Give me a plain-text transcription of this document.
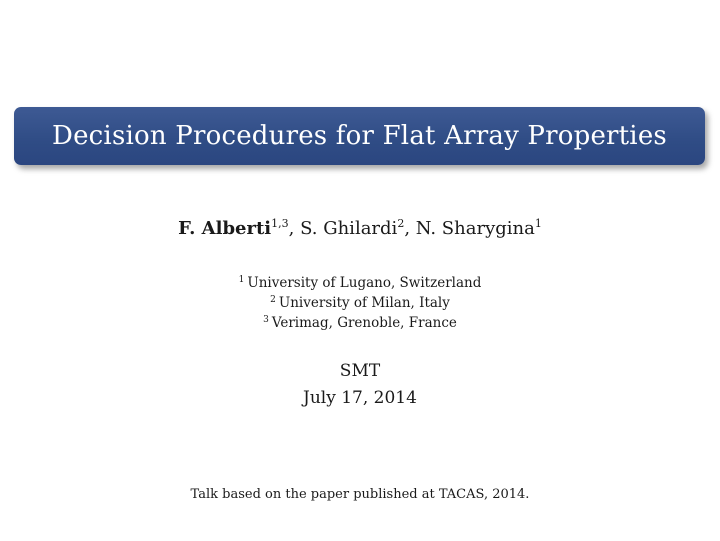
Decision Procedures for Flat Array Properties
F. Alberti$^{1,3}$, S. Ghilardi$^2$, N. Sharygina$^1$
$^1$ University of Lugano, Switzerland
$^2$ University of Milan, Italy
$^3$ Verimag, Grenoble, France
SMT
July 17, 2014
Talk based on the paper published at TACAS, 2014.
